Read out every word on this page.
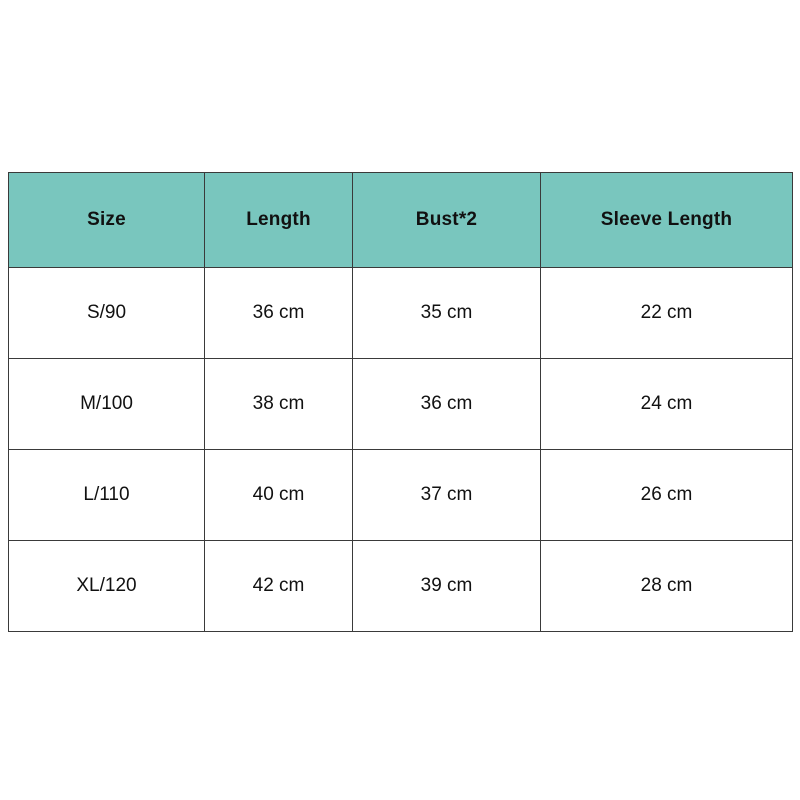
Size	Length	Bust*2	Sleeve Length
S/90	36 cm	35 cm	22 cm
M/100	38 cm	36 cm	24 cm
L/110	40 cm	37 cm	26 cm
XL/120	42 cm	39 cm	28 cm
